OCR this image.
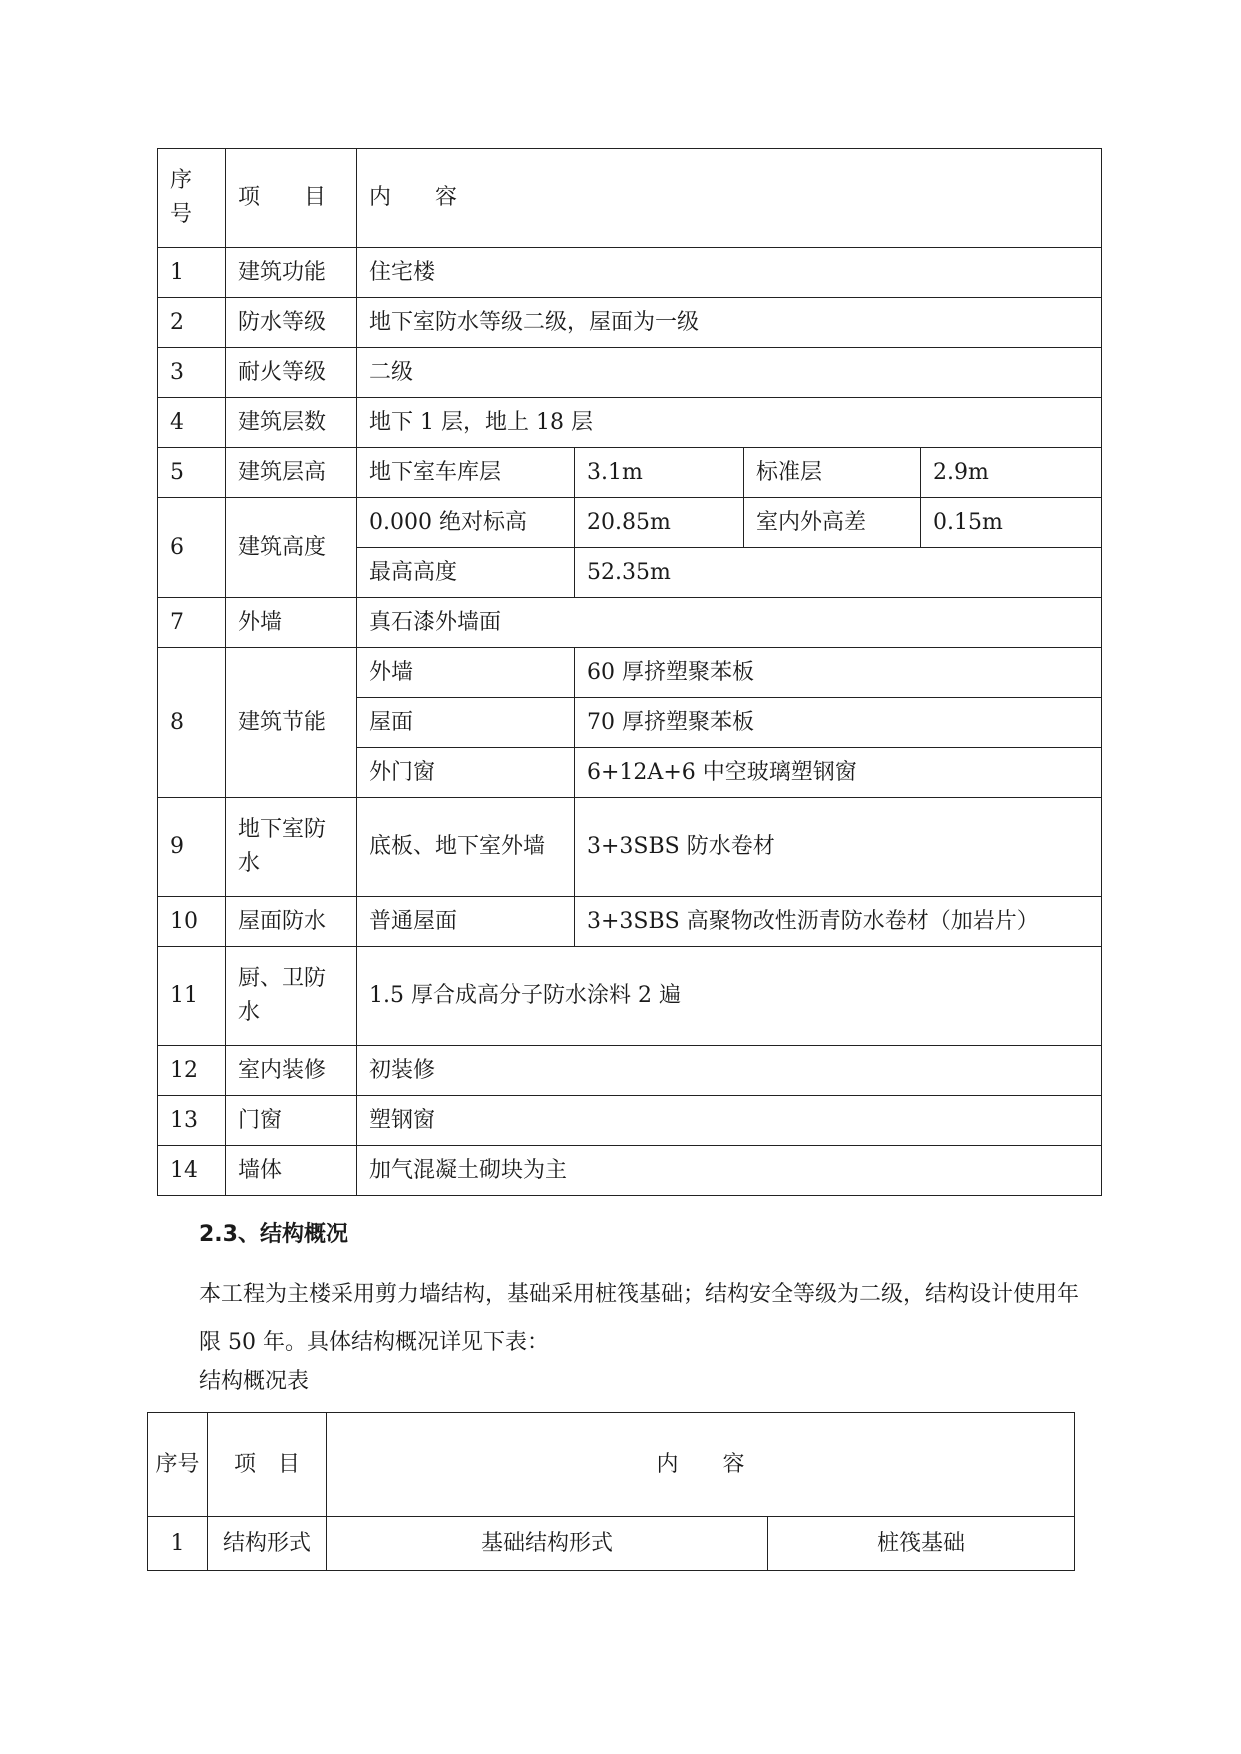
序号	项　　目	内　　容			
1	建筑功能	住宅楼			
2	防水等级	地下室防水等级二级，屋面为一级			
3	耐火等级	二级			
4	建筑层数	地下 1 层，地上 18 层			
5	建筑层高	地下室车库层	3.1m	标准层	2.9m
6	建筑高度	0.000 绝对标高	20.85m	室内外高差	0.15m
		最高高度	52.35m		
7	外墙	真石漆外墙面			
8	建筑节能	外墙	60 厚挤塑聚苯板		
		屋面	70 厚挤塑聚苯板		
		外门窗	6+12A+6 中空玻璃塑钢窗		
9	地下室防水	底板、地下室外墙	3+3SBS 防水卷材		
10	屋面防水	普通屋面	3+3SBS 高聚物改性沥青防水卷材（加岩片）		
11	厨、卫防水	1.5 厚合成高分子防水涂料 2 遍			
12	室内装修	初装修			
13	门窗	塑钢窗			
14	墙体	加气混凝土砌块为主			
2.3、结构概况
本工程为主楼采用剪力墙结构，基础采用桩筏基础；结构安全等级为二级，结构设计使用年限 50 年。具体结构概况详见下表：
结构概况表
序号	项　目	内　　容	
1	结构形式	基础结构形式	桩筏基础
